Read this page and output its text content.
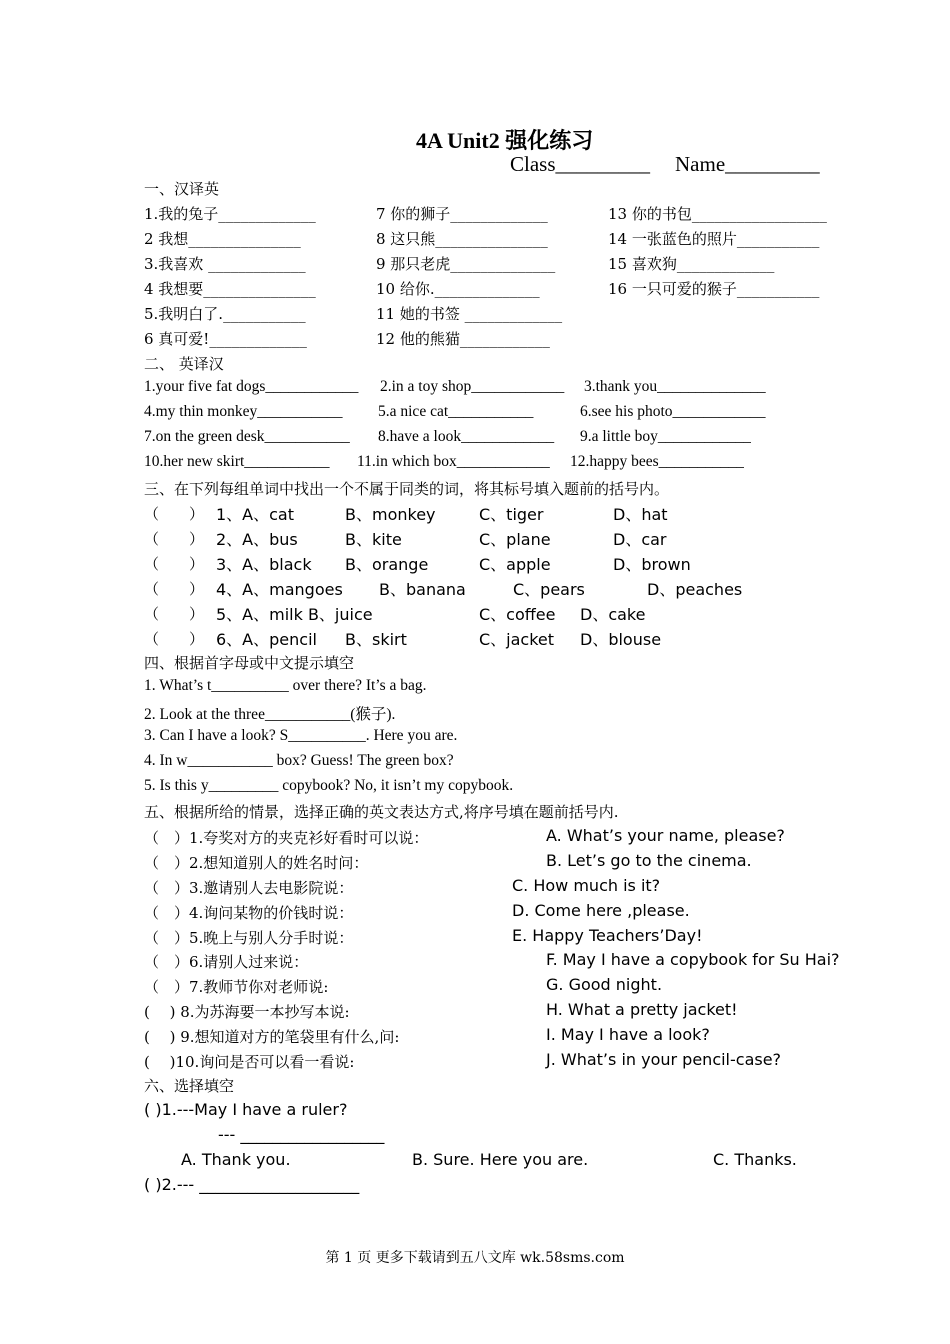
4A Unit2 强化练习
Class_________ Name_________
一、汉译英
1.我的兔子_____________
2 我想_______________
3.我喜欢 _____________
4 我想要_______________
5.我明白了.___________
6 真可爱!_____________
7 你的狮子_____________
8 这只熊_______________
9 那只老虎______________
10 给你.______________
11 她的书签 _____________
12 他的熊猫____________
13 你的书包__________________
14 一张蓝色的照片___________
15 喜欢狗_____________
16 一只可爱的猴子___________
二、 英译汉
1.your five fat dogs____________ 2.in a toy shop____________ 3.thank you______________
4.my thin monkey___________ 5.a nice cat___________	6.see his photo____________
7.on the green desk___________ 8.have a look____________ 9.a little boy____________
10.her new skirt___________ 11.in which box____________ 12.happy bees___________
三、在下列每组单词中找出一个不属于同类的词，将其标号填入题前的括号内。
（　　） 1、A、cat	B、monkey	C、tiger	D、hat
（　　） 2、A、bus	B、kite	C、plane	D、car
（　　） 3、A、black B、orange	C、apple	D、brown
（　　） 4、A、mangoes B、banana	C、pears	D、peaches
（　　） 5、A、milk B、juice	C、coffee D、cake
（　　） 6、A、pencil B、skirt	C、jacket D、blouse
四、根据首字母或中文提示填空
1. What’s t__________ over there? It’s a bag.
2. Look at the three___________(猴子).
3. Can I have a look? S__________. Here you are.
4. In w___________ box? Guess! The green box?
5. Is this y_________ copybook? No, it isn’t my copybook.
五、根据所给的情景，选择正确的英文表达方式,将序号填在题前括号内.
（　）1.夸奖对方的夹克衫好看时可以说：
（　）2.想知道别人的姓名时问：
（　）3.邀请别人去电影院说：
（　）4.询问某物的价钱时说：
（　）5.晚上与别人分手时说：
（　）6.请别人过来说：
（　）7.教师节你对老师说:
(　 ) 8.为苏海要一本抄写本说:
(　 ) 9.想知道对方的笔袋里有什么,问:
(　 )10.询问是否可以看一看说:
A. What’s your name, please?
B. Let’s go to the cinema.
C. How much is it?
D. Come here ,please.
E. Happy Teachers’Day!
F. May I have a copybook for Su Hai?
G. Good night.
H. What a pretty jacket!
I. May I have a look?
J. What’s in your pencil-case?
六、选择填空
( )1.---May I have a ruler?
--- __________________
A. Thank you.	B. Sure. Here you are.	C. Thanks.
( )2.--- ____________________
第 1 页 更多下载请到五八文库 wk.58sms.com
